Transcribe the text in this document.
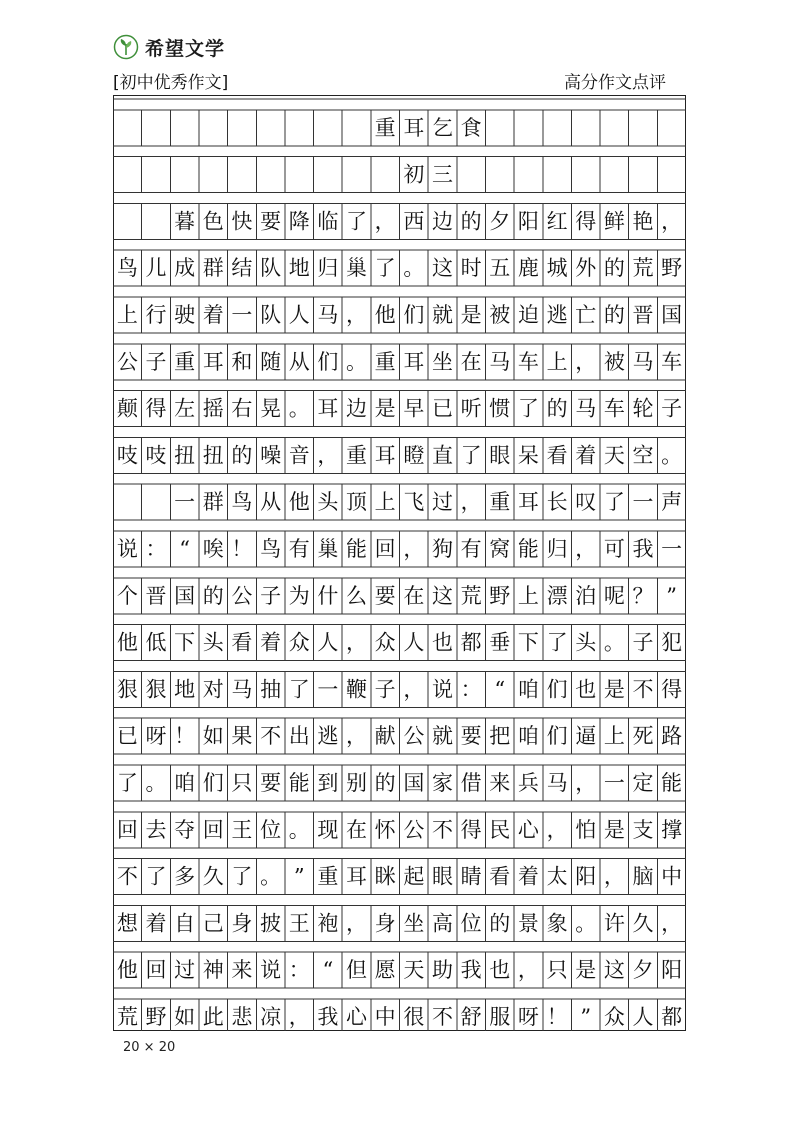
希望文学
[初中优秀作文]	高分作文点评
重 耳 乞 食
初 三
暮 色 快 要 降 临 了 ， 西 边 的 夕 阳 红 得 鲜 艳 ，
鸟 儿 成 群 结 队 地 归 巢 了 。 这 时 五 鹿 城 外 的 荒 野
上 行 驶 着 一 队 人 马 ， 他 们 就 是 被 迫 逃 亡 的 晋 国
公 子 重 耳 和 随 从 们 。 重 耳 坐 在 马 车 上 ， 被 马 车
颠 得 左 摇 右 晃 。 耳 边 是 早 已 听 惯 了 的 马 车 轮 子
吱 吱 扭 扭 的 噪 音 ， 重 耳 瞪 直 了 眼 呆 看 着 天 空 。
一 群 鸟 从 他 头 顶 上 飞 过 ， 重 耳 长 叹 了 一 声
说 ： “ 唉 ！ 鸟 有 巢 能 回 ， 狗 有 窝 能 归 ， 可 我 一
个 晋 国 的 公 子 为 什 么 要 在 这 荒 野 上 漂 泊 呢 ？ ”
他 低 下 头 看 着 众 人 ， 众 人 也 都 垂 下 了 头 。 子 犯
狠 狠 地 对 马 抽 了 一 鞭 子 ， 说 ： “ 咱 们 也 是 不 得
已 呀 ！ 如 果 不 出 逃 ， 献 公 就 要 把 咱 们 逼 上 死 路
了 。 咱 们 只 要 能 到 别 的 国 家 借 来 兵 马 ， 一 定 能
回 去 夺 回 王 位 。 现 在 怀 公 不 得 民 心 ， 怕 是 支 撑
不 了 多 久 了 。 ” 重 耳 眯 起 眼 睛 看 着 太 阳 ， 脑 中
想 着 自 己 身 披 王 袍 ， 身 坐 高 位 的 景 象 。 许 久 ，
他 回 过 神 来 说 ： “ 但 愿 天 助 我 也 ， 只 是 这 夕 阳
荒 野 如 此 悲 凉 ， 我 心 中 很 不 舒 服 呀 ！ ” 众 人 都
20 × 20
